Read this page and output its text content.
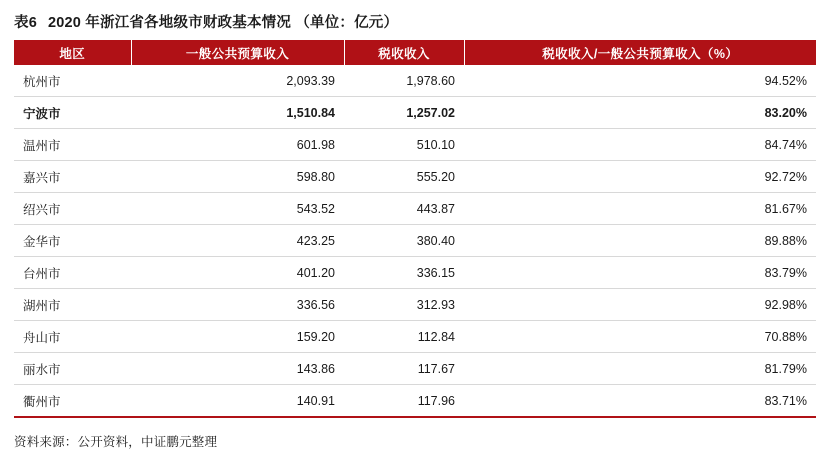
表6 2020 年浙江省各地级市财政基本情况 （单位：亿元）
地区	一般公共预算收入	税收收入	税收收入/一般公共预算收入（%）
杭州市	2,093.39	1,978.60	94.52%
宁波市	1,510.84	1,257.02	83.20%
温州市	601.98	510.10	84.74%
嘉兴市	598.80	555.20	92.72%
绍兴市	543.52	443.87	81.67%
金华市	423.25	380.40	89.88%
台州市	401.20	336.15	83.79%
湖州市	336.56	312.93	92.98%
舟山市	159.20	112.84	70.88%
丽水市	143.86	117.67	81.79%
衢州市	140.91	117.96	83.71%
资料来源：公开资料，中证鹏元整理
